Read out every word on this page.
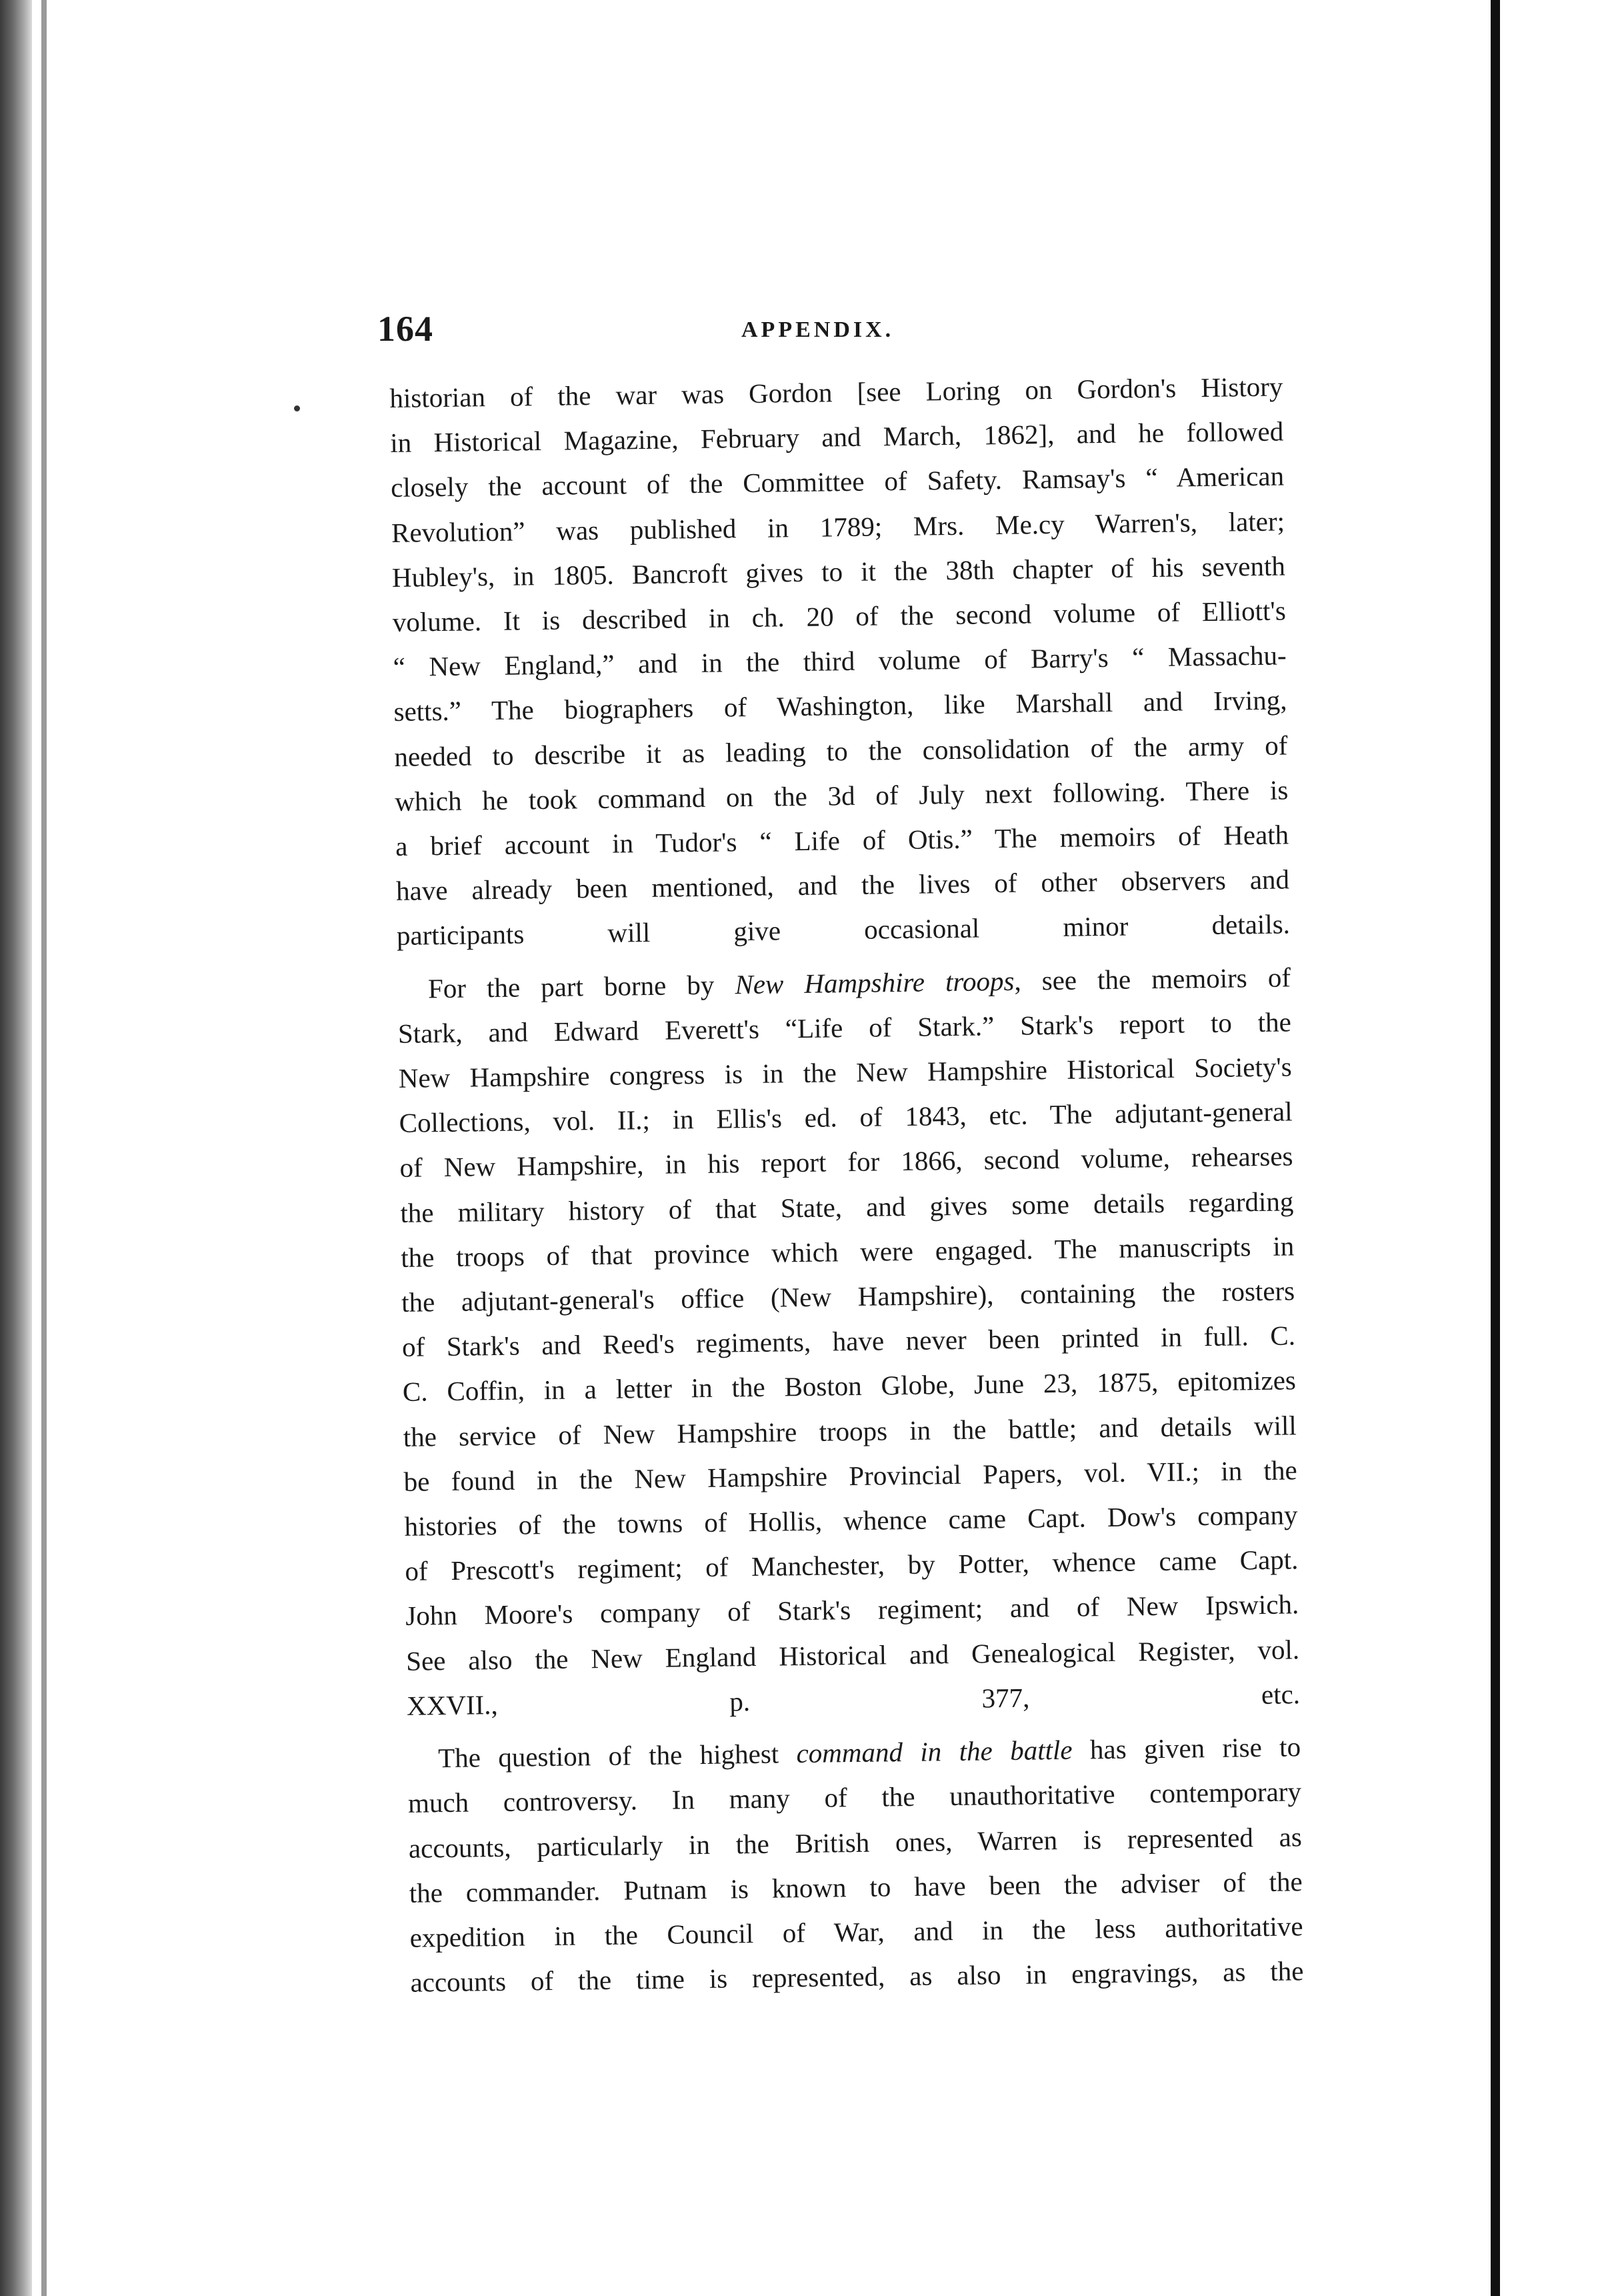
164	APPENDIX.

historian of the war was Gordon [see Loring on Gordon's History
in Historical Magazine, February and March, 1862], and he followed
closely the account of the Committee of Safety. Ramsay's “ American
Revolution” was published in 1789; Mrs. Me.cy Warren's, later;
Hubley's, in 1805. Bancroft gives to it the 38th chapter of his seventh
volume. It is described in ch. 20 of the second volume of Elliott's
“ New England,” and in the third volume of Barry's “ Massachu-
setts.” The biographers of Washington, like Marshall and Irving,
needed to describe it as leading to the consolidation of the army of
which he took command on the 3d of July next following. There is
a brief account in Tudor's “ Life of Otis.” The memoirs of Heath
have already been mentioned, and the lives of other observers and
participants will give occasional minor details.

For the part borne by New Hampshire troops, see the memoirs of
Stark, and Edward Everett's “Life of Stark.” Stark's report to the
New Hampshire congress is in the New Hampshire Historical Society's
Collections, vol. II.; in Ellis's ed. of 1843, etc. The adjutant-general
of New Hampshire, in his report for 1866, second volume, rehearses
the military history of that State, and gives some details regarding
the troops of that province which were engaged. The manuscripts in
the adjutant-general's office (New Hampshire), containing the rosters
of Stark's and Reed's regiments, have never been printed in full. C.
C. Coffin, in a letter in the Boston Globe, June 23, 1875, epitomizes
the service of New Hampshire troops in the battle; and details will
be found in the New Hampshire Provincial Papers, vol. VII.; in the
histories of the towns of Hollis, whence came Capt. Dow's company
of Prescott's regiment; of Manchester, by Potter, whence came Capt.
John Moore's company of Stark's regiment; and of New Ipswich.
See also the New England Historical and Genealogical Register, vol.
XXVII., p. 377, etc.

The question of the highest command in the battle has given rise to
much controversy. In many of the unauthoritative contemporary
accounts, particularly in the British ones, Warren is represented as
the commander. Putnam is known to have been the adviser of the
expedition in the Council of War, and in the less authoritative
accounts of the time is represented, as also in engravings, as the
